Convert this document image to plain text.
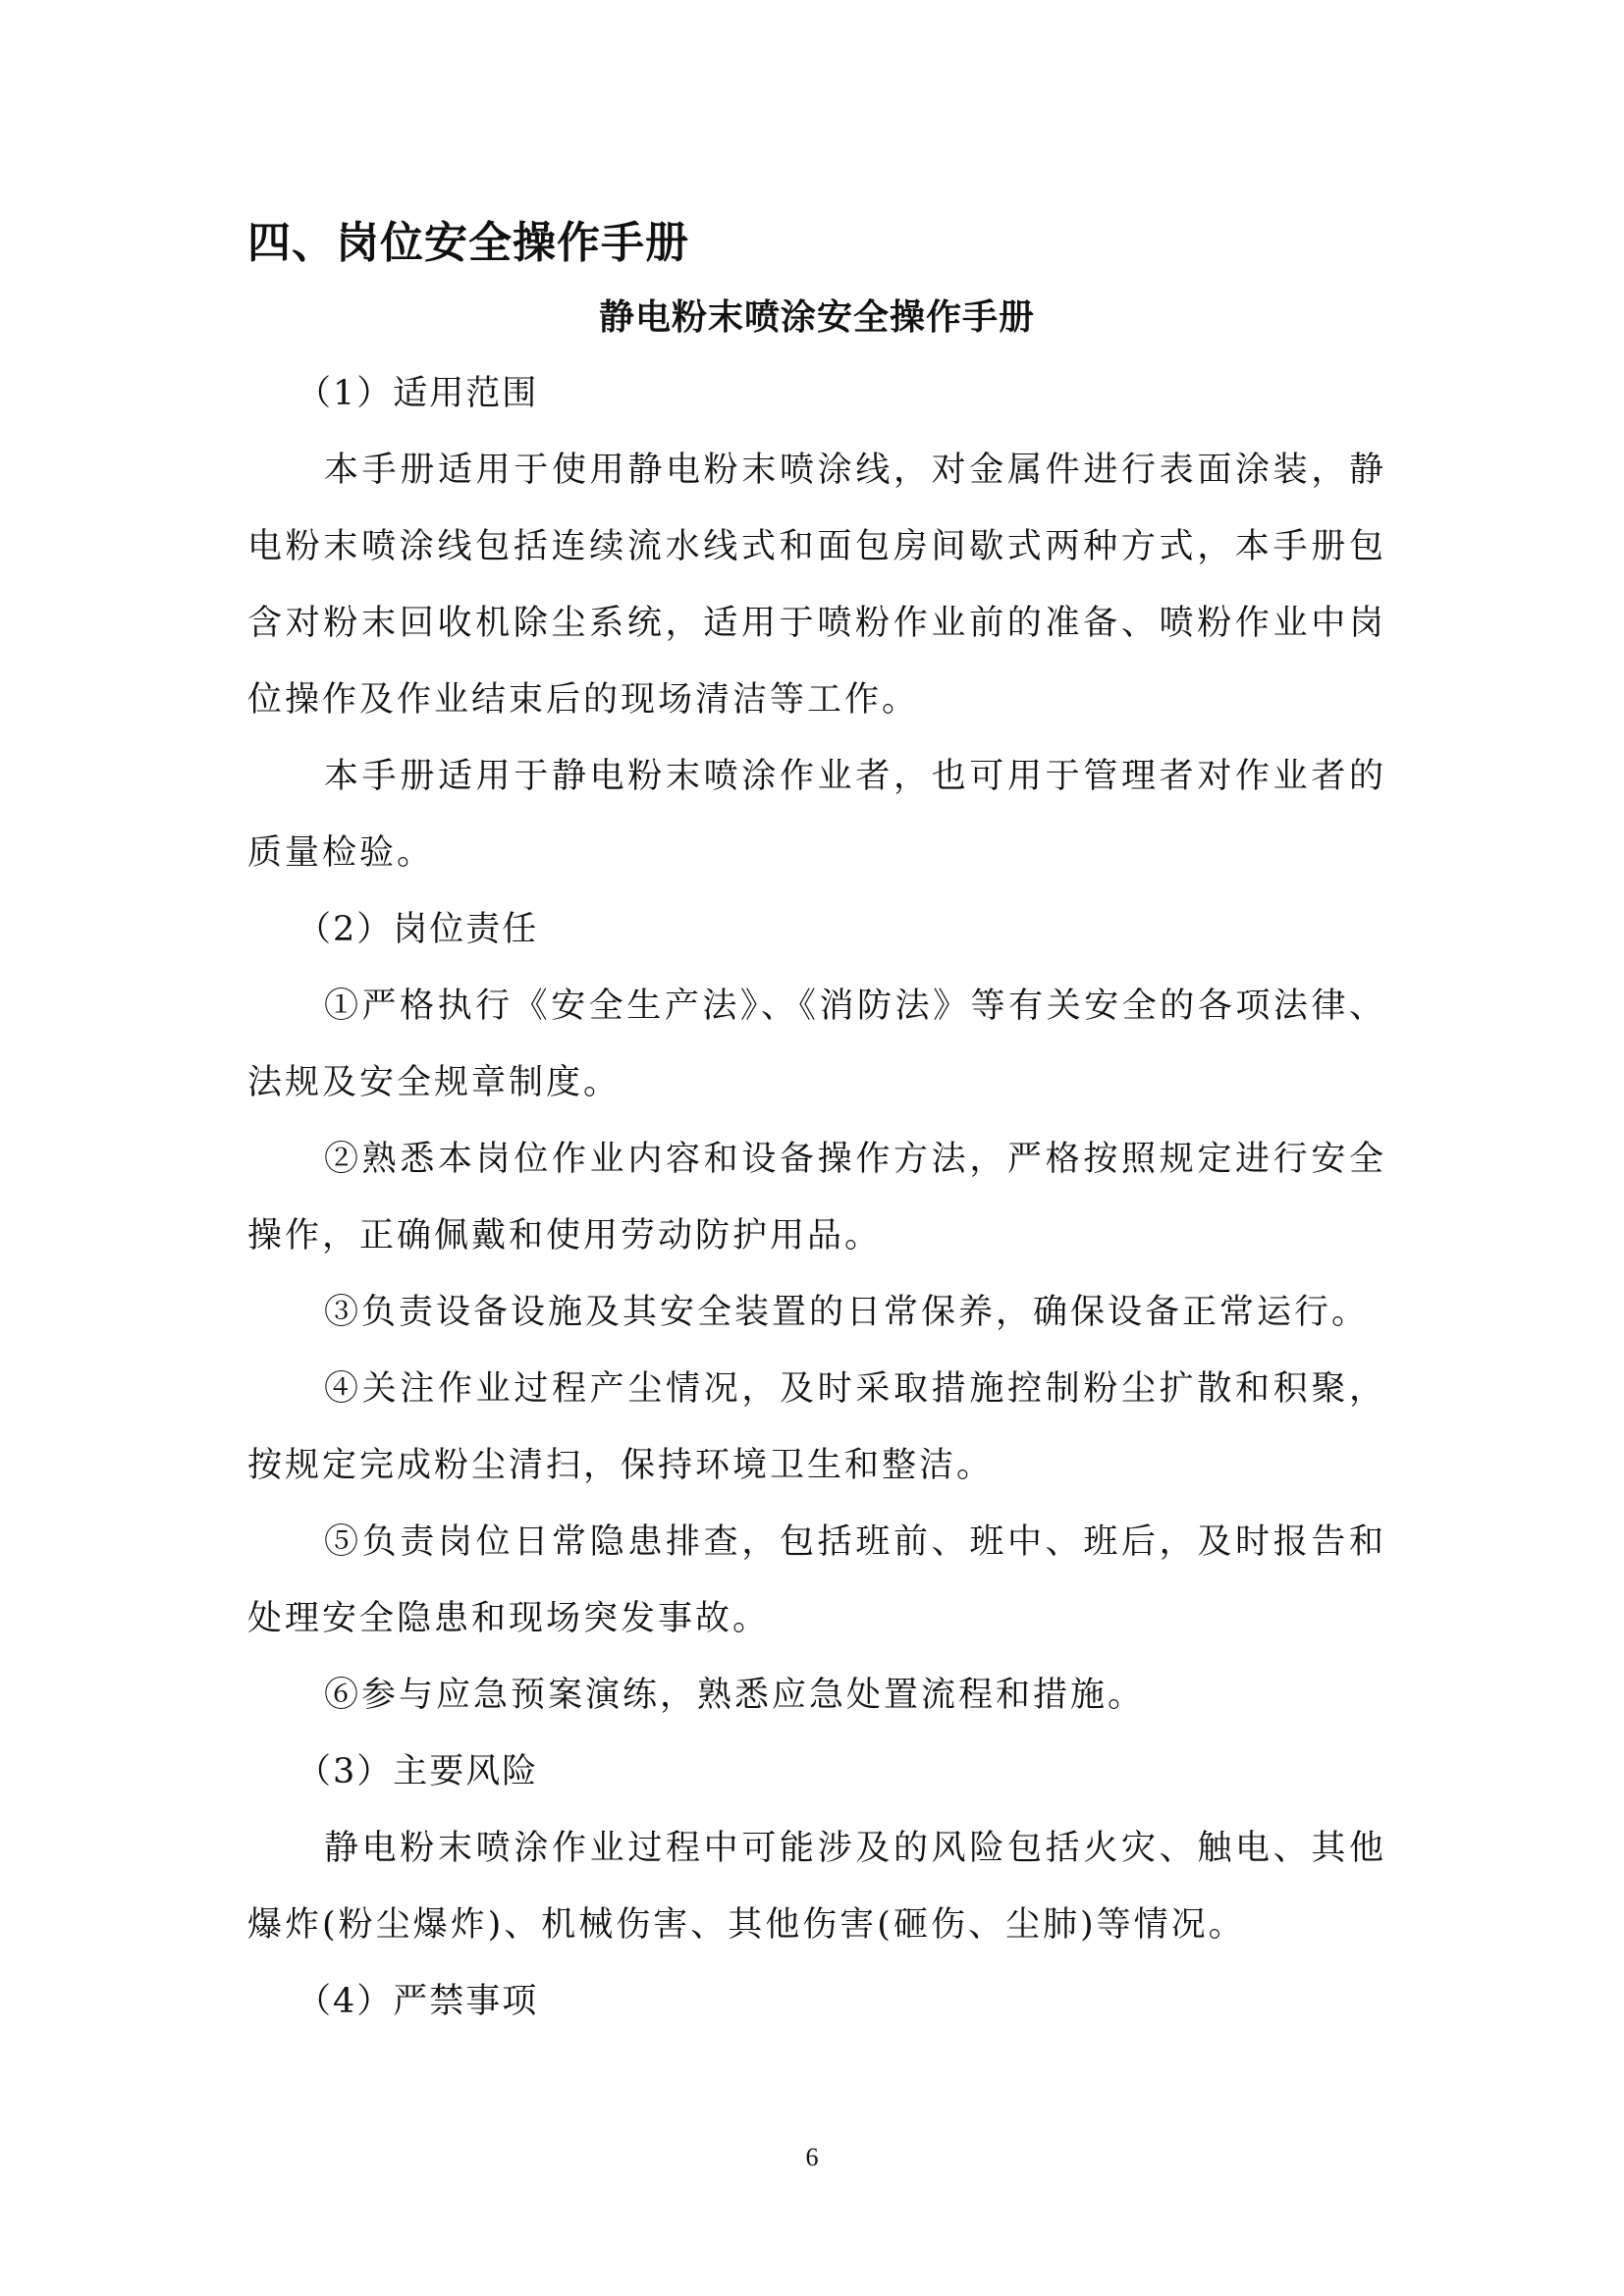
四、岗位安全操作手册
静电粉末喷涂安全操作手册

（1）适用范围

本手册适用于使用静电粉末喷涂线，对金属件进行表面涂装，静电粉末喷涂线包括连续流水线式和面包房间歇式两种方式，本手册包含对粉末回收机除尘系统，适用于喷粉作业前的准备、喷粉作业中岗位操作及作业结束后的现场清洁等工作。

本手册适用于静电粉末喷涂作业者，也可用于管理者对作业者的质量检验。

（2）岗位责任

①严格执行《安全生产法》、《消防法》等有关安全的各项法律、法规及安全规章制度。

②熟悉本岗位作业内容和设备操作方法，严格按照规定进行安全操作，正确佩戴和使用劳动防护用品。

③负责设备设施及其安全装置的日常保养，确保设备正常运行。

④关注作业过程产尘情况，及时采取措施控制粉尘扩散和积聚，按规定完成粉尘清扫，保持环境卫生和整洁。

⑤负责岗位日常隐患排查，包括班前、班中、班后，及时报告和处理安全隐患和现场突发事故。

⑥参与应急预案演练，熟悉应急处置流程和措施。

（3）主要风险

静电粉末喷涂作业过程中可能涉及的风险包括火灾、触电、其他爆炸(粉尘爆炸)、机械伤害、其他伤害(砸伤、尘肺)等情况。

（4）严禁事项

6
